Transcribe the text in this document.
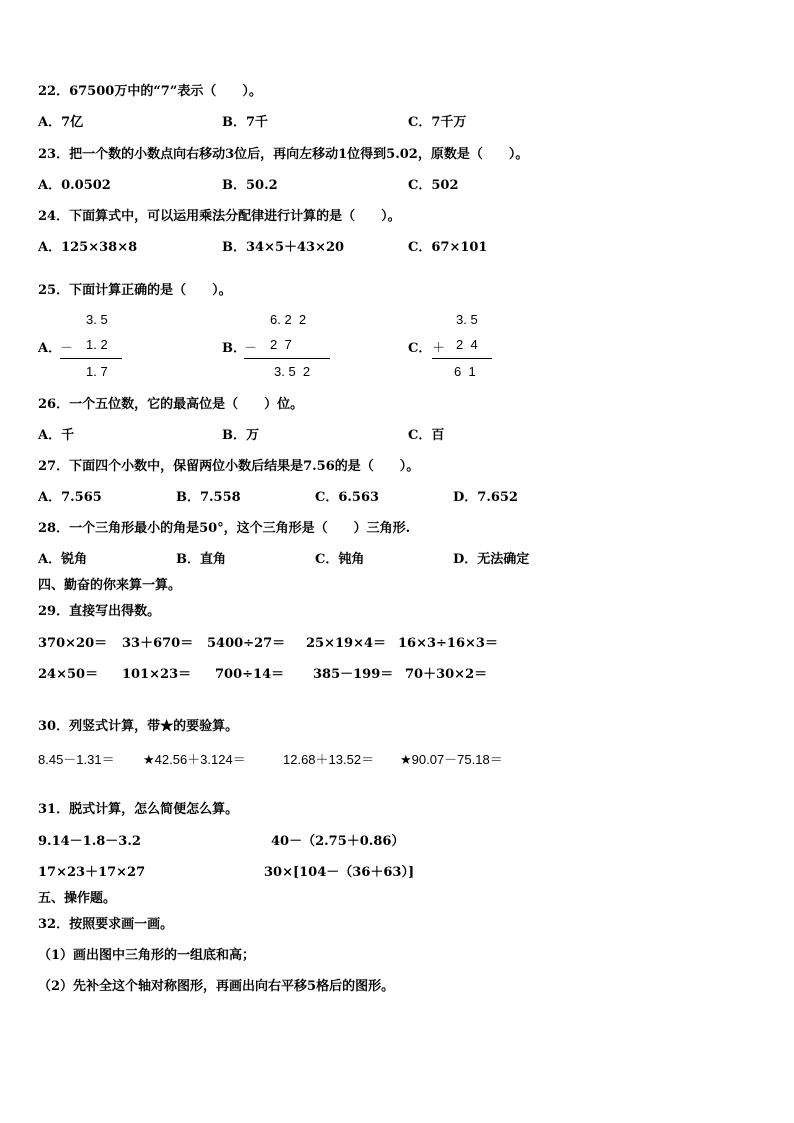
22．67500万中的“7”表示（　　）。
A．7亿	B．7千	C．7千万
23．把一个数的小数点向右移动3位后，再向左移动1位得到5.02，原数是（　　）。
A．0.0502	B．50.2	C．502
24．下面算式中，可以运用乘法分配律进行计算的是（　　）。
A．125×38×8	B．34×5＋43×20	C．67×101
25．下面计算正确的是（　　）。
A．
3. 5
－ 1. 2
1. 7
B．
6. 2  2
－ 2  7
3. 5  2
C．
3. 5
＋ 2  4
6  1
26．一个五位数，它的最高位是（　　）位。
A．千	B．万	C．百
27．下面四个小数中，保留两位小数后结果是7.56的是（　　）。
A．7.565	B．7.558	C．6.563	D．7.652
28．一个三角形最小的角是50°，这个三角形是（　　）三角形.
A．锐角	B．直角	C．钝角	D．无法确定
四、勤奋的你来算一算。
29．直接写出得数。
370×20＝ 33＋670＝ 5400÷27＝ 25×19×4＝ 16×3÷16×3＝
24×50＝ 101×23＝ 700÷14＝ 385－199＝ 70＋30×2＝
30．列竖式计算，带★的要验算。
8.45－1.31＝ ★42.56＋3.124＝	12.68＋13.52＝ ★90.07－75.18＝
31．脱式计算，怎么简便怎么算。
9.14－1.8－3.2	40－（2.75＋0.86）
17×23＋17×27	30×[104－（36＋63）]
五、操作题。
32．按照要求画一画。
（1）画出图中三角形的一组底和高；
（2）先补全这个轴对称图形，再画出向右平移5格后的图形。
